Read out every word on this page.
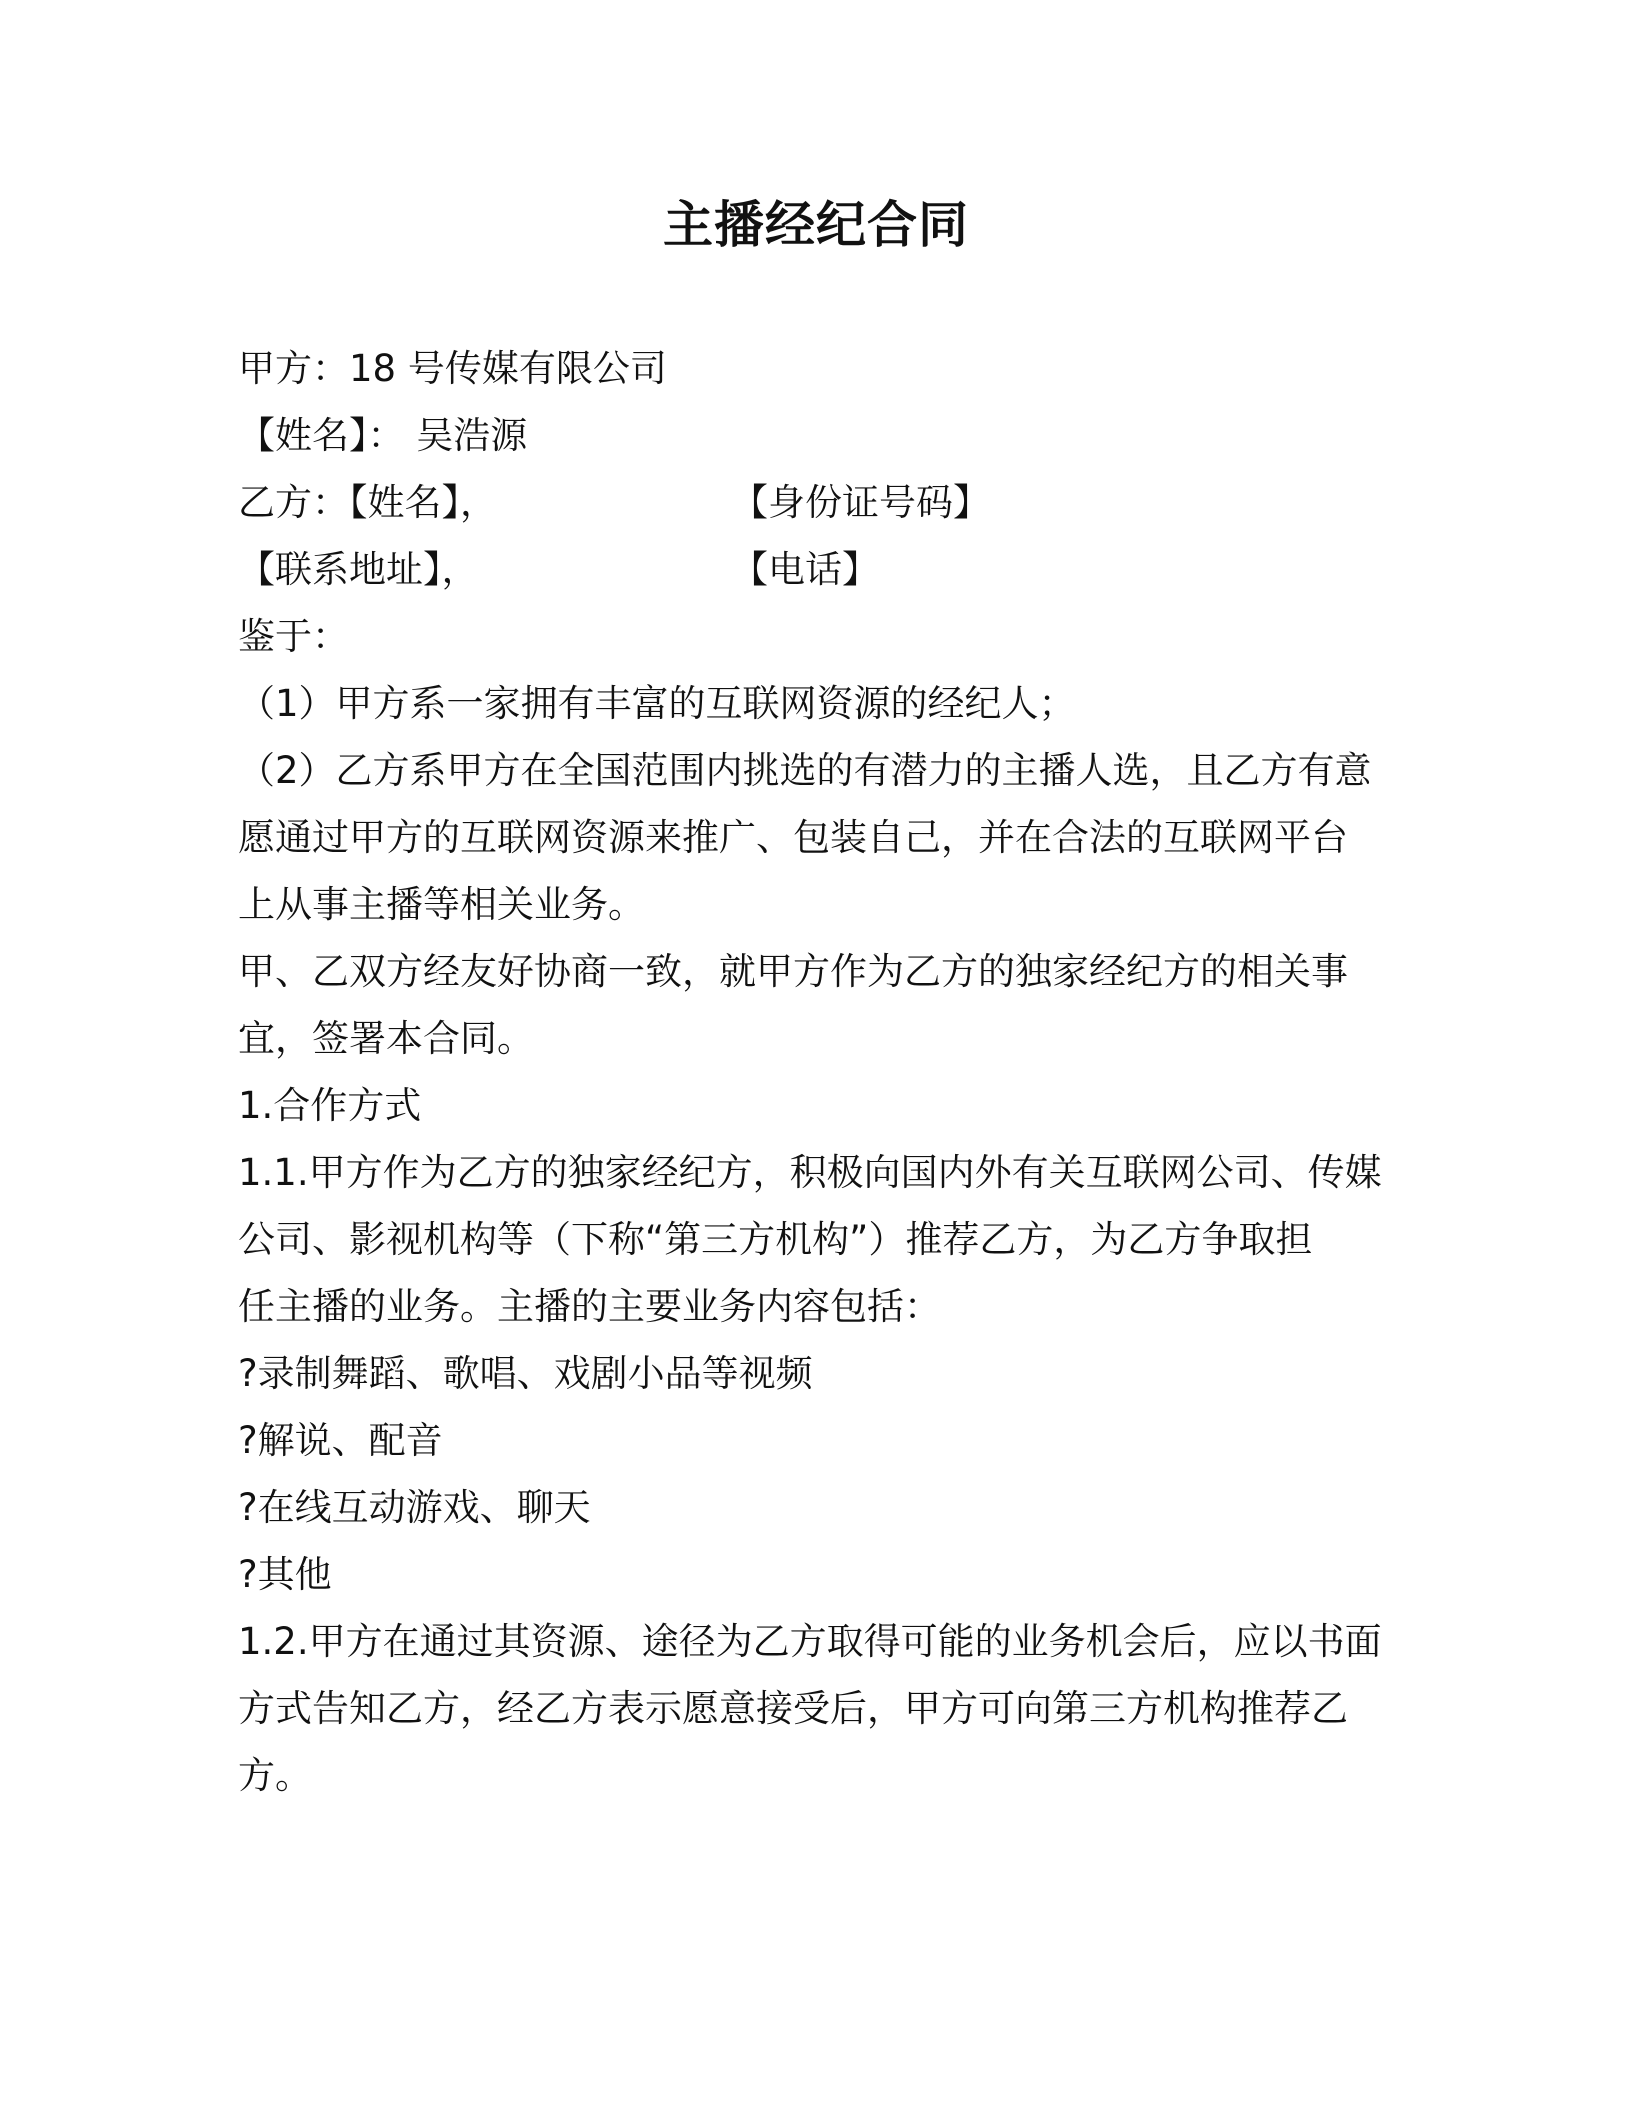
主播经纪合同
甲方：18 号传媒有限公司
【姓名】： 吴浩源
乙方：【姓名】，	【身份证号码】
【联系地址】，	【电话】
鉴于：
（1）甲方系一家拥有丰富的互联网资源的经纪人；
（2）乙方系甲方在全国范围内挑选的有潜力的主播人选，且乙方有意
愿通过甲方的互联网资源来推广、包装自己，并在合法的互联网平台
上从事主播等相关业务。
甲、乙双方经友好协商一致，就甲方作为乙方的独家经纪方的相关事
宜，签署本合同。
1.合作方式
1.1.甲方作为乙方的独家经纪方，积极向国内外有关互联网公司、传媒
公司、影视机构等（下称“第三方机构”）推荐乙方，为乙方争取担
任主播的业务。主播的主要业务内容包括：
?录制舞蹈、歌唱、戏剧小品等视频
?解说、配音
?在线互动游戏、聊天
?其他
1.2.甲方在通过其资源、途径为乙方取得可能的业务机会后，应以书面
方式告知乙方，经乙方表示愿意接受后，甲方可向第三方机构推荐乙
方。
